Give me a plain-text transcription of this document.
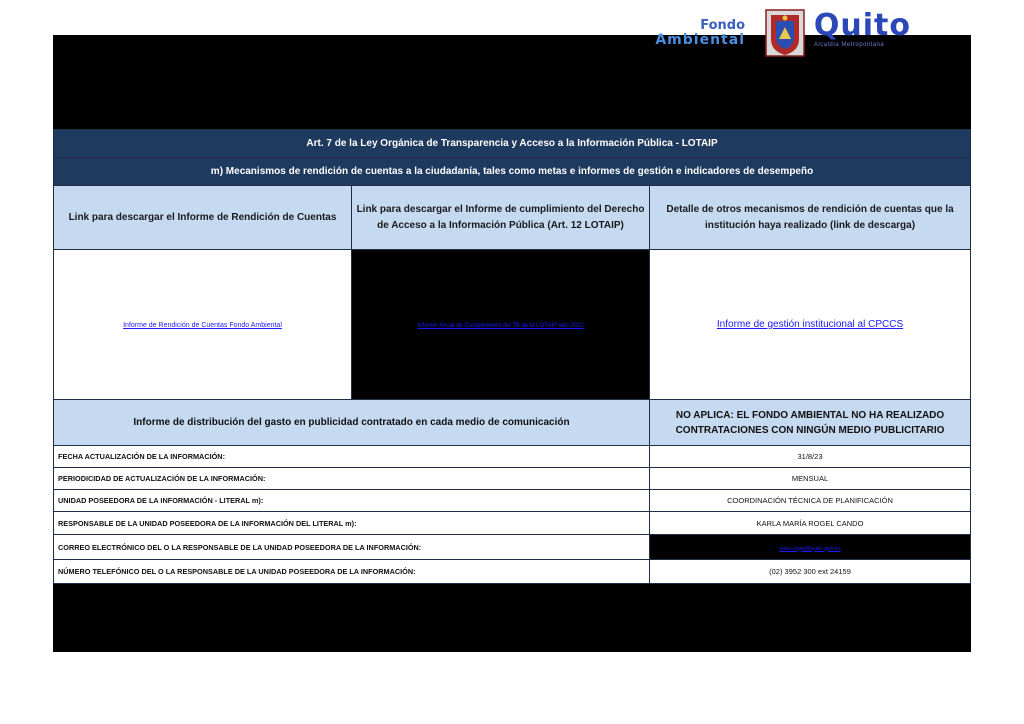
Fondo
Ambiental Quito
Alcaldía Metropolitana
Art. 7 de la Ley Orgánica de Transparencia y Acceso a la Información Pública - LOTAIP		
m) Mecanismos de rendición de cuentas a la ciudadanía, tales como metas e informes de gestión e indicadores de desempeño		
Link para descargar el Informe de Rendición de Cuentas	Link para descargar el Informe de cumplimiento del Derecho de Acceso a la Información Pública (Art. 12 LOTAIP)	Detalle de otros mecanismos de rendición de cuentas que la institución haya realizado (link de descarga)
Informe de Rendición de Cuentas Fondo Ambiental	Informe Anual de Cumplimiento del 7B de la LOTAIP año 2022	Informe de gestión institucional al CPCCS
Informe de distribución del gasto en publicidad contratado en cada medio de comunicación		NO APLICA: EL FONDO AMBIENTAL NO HA REALIZADO CONTRATACIONES CON NINGÚN MEDIO PUBLICITARIO
FECHA ACTUALIZACIÓN DE LA INFORMACIÓN:		31/8/23
PERIODICIDAD DE ACTUALIZACIÓN DE LA INFORMACIÓN:		MENSUAL
UNIDAD POSEEDORA DE LA INFORMACIÓN - LITERAL m):		COORDINACIÓN TÉCNICA DE PLANIFICACIÓN
RESPONSABLE DE LA UNIDAD POSEEDORA DE LA INFORMACIÓN DEL LITERAL m):		KARLA MARÍA ROGEL CANDO
CORREO ELECTRÓNICO DEL O LA RESPONSABLE DE LA UNIDAD POSEEDORA DE LA INFORMACIÓN:		karla.rogel@quito.gob.ec
NÚMERO TELEFÓNICO DEL O LA RESPONSABLE DE LA UNIDAD POSEEDORA DE LA INFORMACIÓN:		(02) 3952 300 ext 24159
